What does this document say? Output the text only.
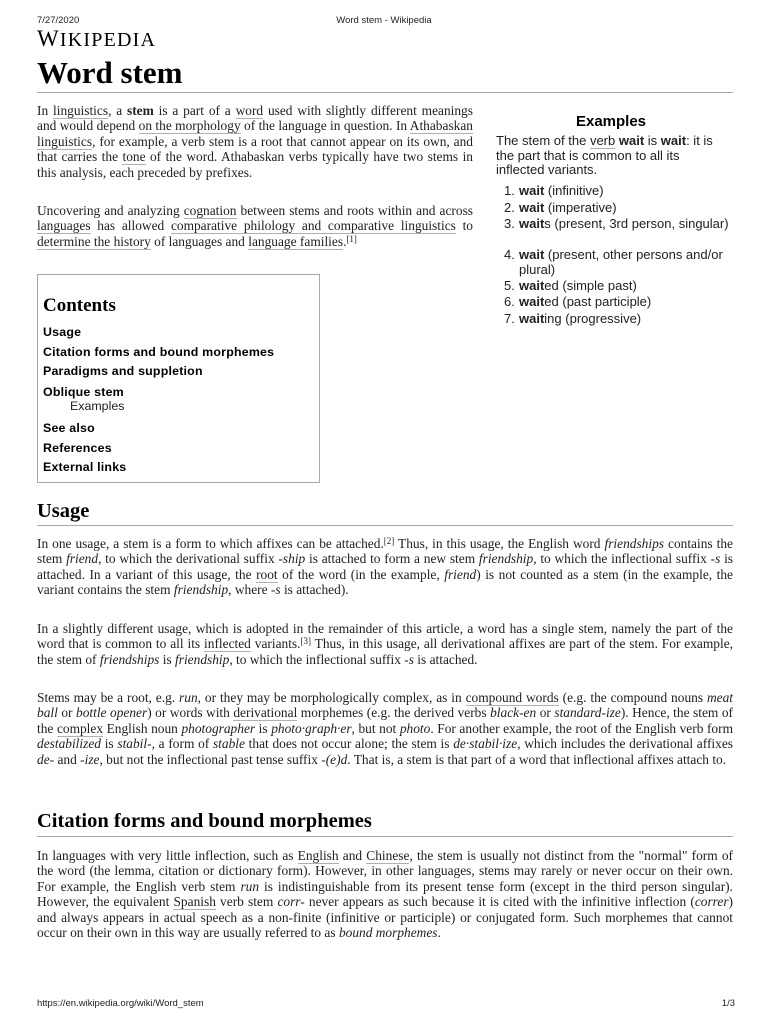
7/27/2020	Word stem - Wikipedia
WIKIPEDIA
Word stem

In linguistics, a stem is a part of a word used with slightly different meanings and would depend on the morphology of the language in question. In Athabaskan linguistics, for example, a verb stem is a root that cannot appear on its own, and that carries the tone of the word. Athabaskan verbs typically have two stems in this analysis, each preceded by prefixes.

Uncovering and analyzing cognation between stems and roots within and across languages has allowed comparative philology and comparative linguistics to determine the history of languages and language families.[1]

Examples
The stem of the verb wait is wait: it is the part that is common to all its inflected variants.
1. wait (infinitive)
2. wait (imperative)
3. waits (present, 3rd person, singular)
4. wait (present, other persons and/or plural)
5. waited (simple past)
6. waited (past participle)
7. waiting (progressive)
Contents
Usage
Citation forms and bound morphemes
Paradigms and suppletion
Oblique stem
Examples
See also
References
External links
Usage

In one usage, a stem is a form to which affixes can be attached.[2] Thus, in this usage, the English word friendships contains the stem friend, to which the derivational suffix -ship is attached to form a new stem friendship, to which the inflectional suffix -s is attached. In a variant of this usage, the root of the word (in the example, friend) is not counted as a stem (in the example, the variant contains the stem friendship, where -s is attached).

In a slightly different usage, which is adopted in the remainder of this article, a word has a single stem, namely the part of the word that is common to all its inflected variants.[3] Thus, in this usage, all derivational affixes are part of the stem. For example, the stem of friendships is friendship, to which the inflectional suffix -s is attached.

Stems may be a root, e.g. run, or they may be morphologically complex, as in compound words (e.g. the compound nouns meat ball or bottle opener) or words with derivational morphemes (e.g. the derived verbs black-en or standard-ize). Hence, the stem of the complex English noun photographer is photo·graph·er, but not photo. For another example, the root of the English verb form destabilized is stabil-, a form of stable that does not occur alone; the stem is de·stabil·ize, which includes the derivational affixes de- and -ize, but not the inflectional past tense suffix -(e)d. That is, a stem is that part of a word that inflectional affixes attach to.

Citation forms and bound morphemes

In languages with very little inflection, such as English and Chinese, the stem is usually not distinct from the "normal" form of the word (the lemma, citation or dictionary form). However, in other languages, stems may rarely or never occur on their own. For example, the English verb stem run is indistinguishable from its present tense form (except in the third person singular). However, the equivalent Spanish verb stem corr- never appears as such because it is cited with the infinitive inflection (correr) and always appears in actual speech as a non-finite (infinitive or participle) or conjugated form. Such morphemes that cannot occur on their own in this way are usually referred to as bound morphemes.

https://en.wikipedia.org/wiki/Word_stem	1/3
